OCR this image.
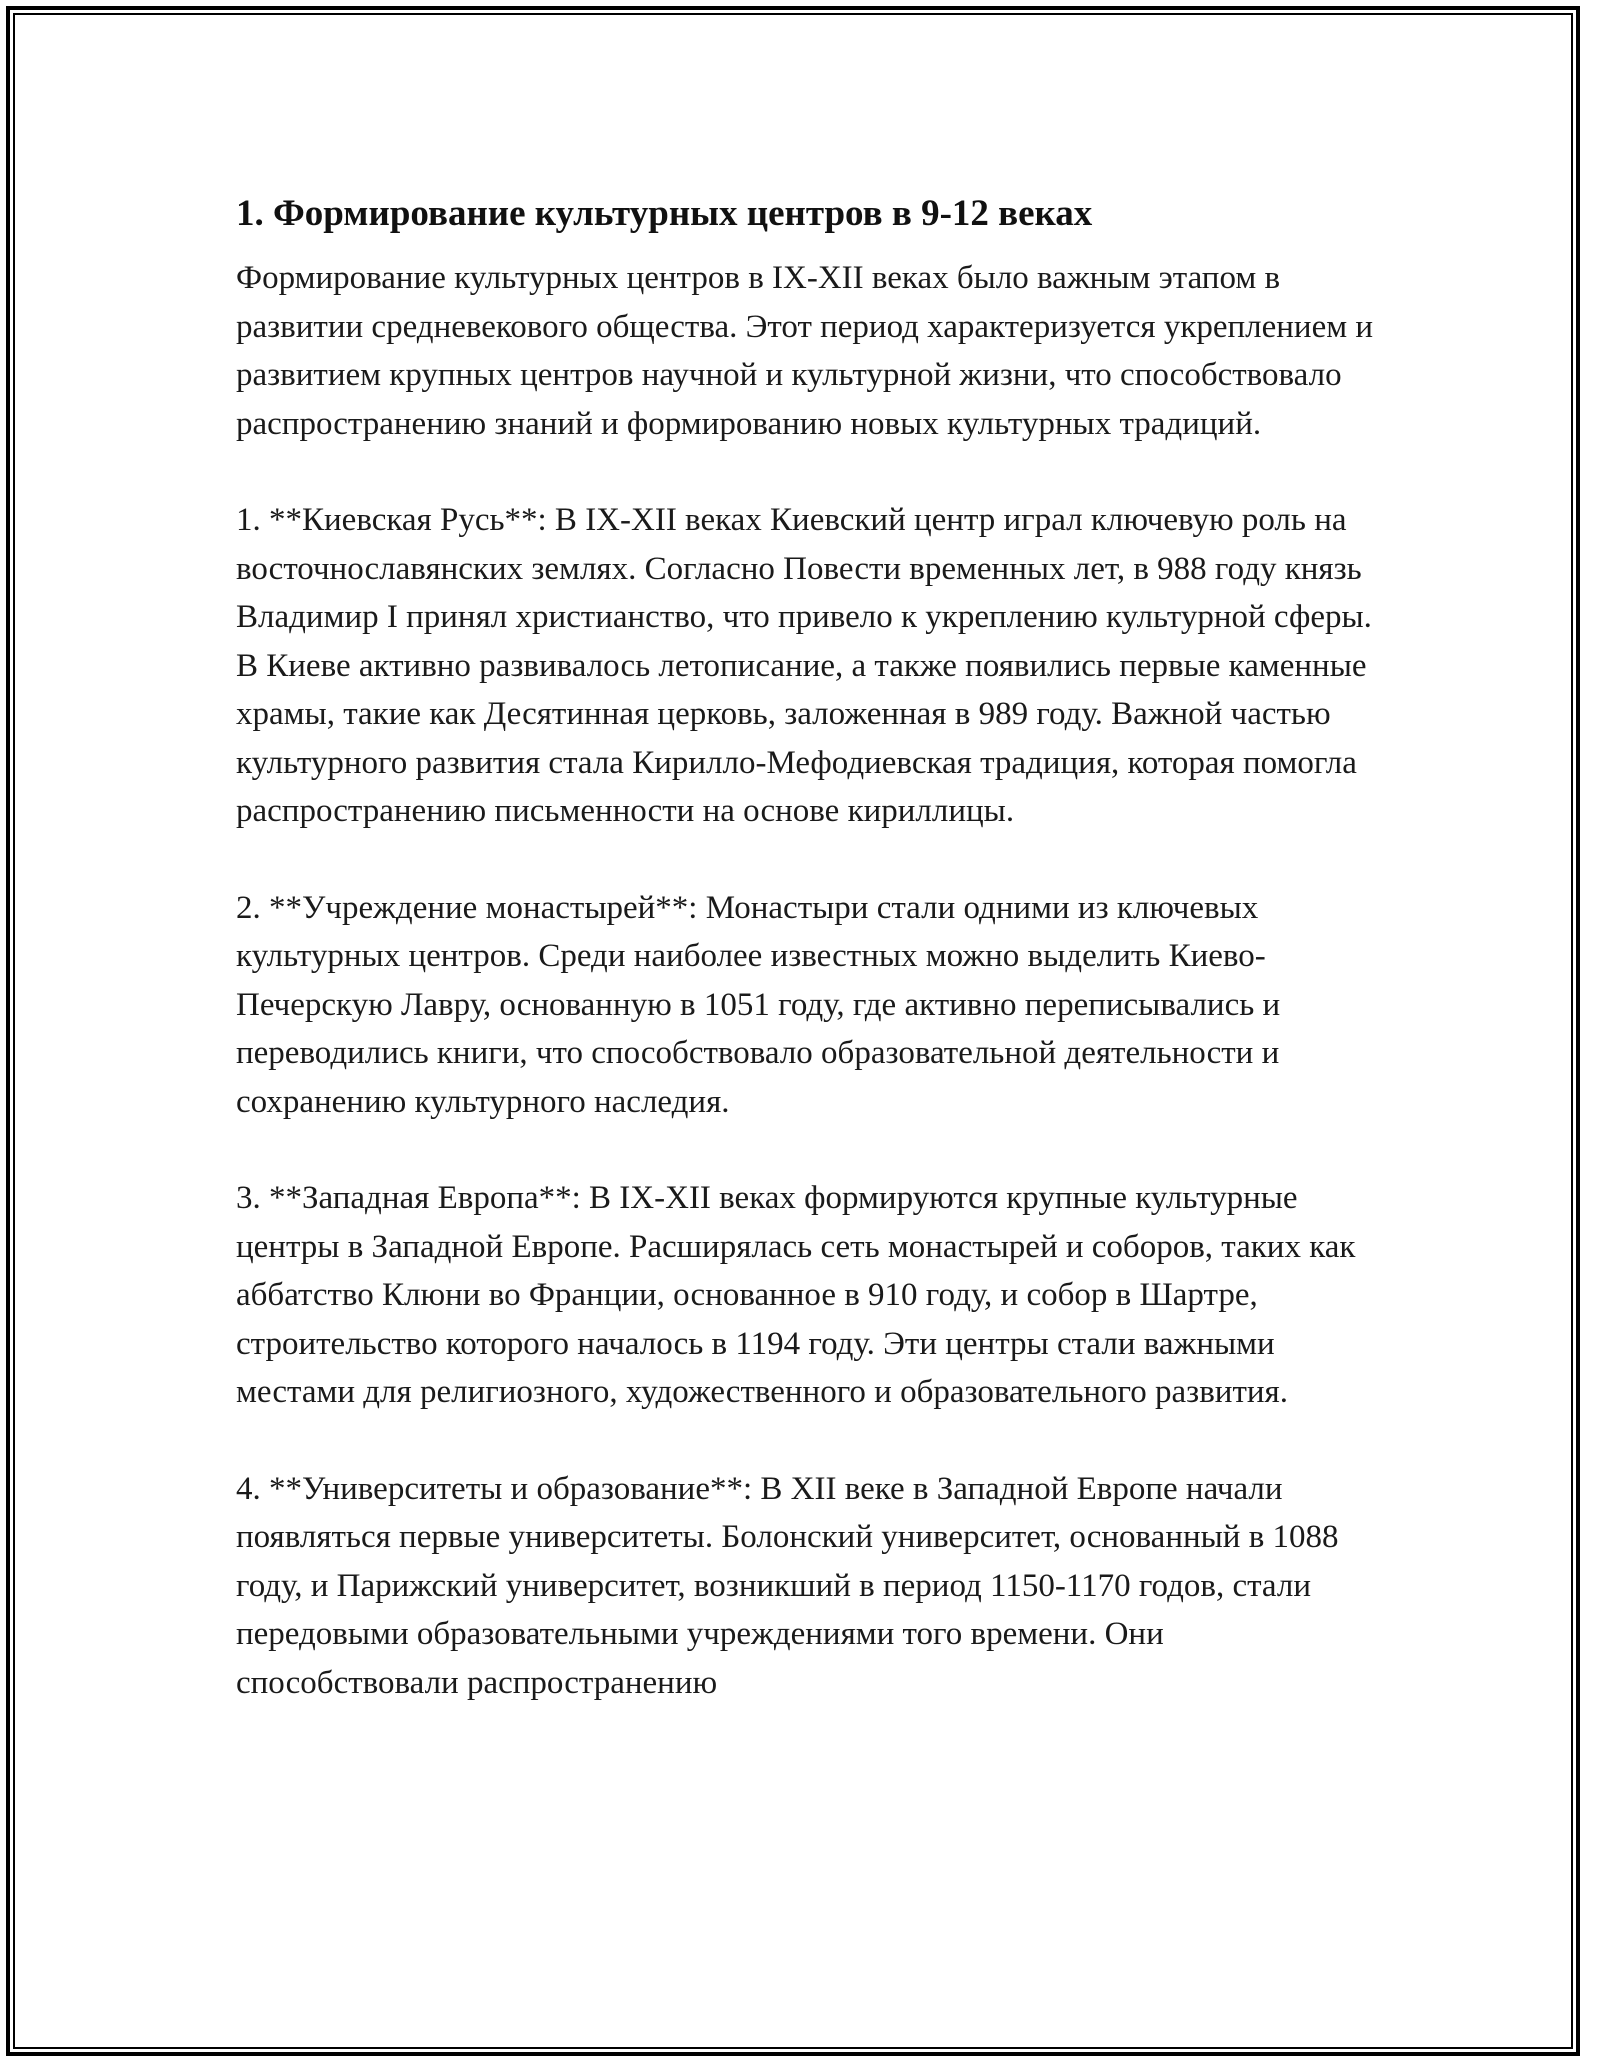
1. Формирование культурных центров в 9-12 веках

Формирование культурных центров в IX-XII веках было важным этапом в развитии средневекового общества. Этот период характеризуется укреплением и развитием крупных центров научной и культурной жизни, что способствовало распространению знаний и формированию новых культурных традиций.

1. **Киевская Русь**: В IX-XII веках Киевский центр играл ключевую роль на восточнославянских землях. Согласно Повести временных лет, в 988 году князь Владимир I принял христианство, что привело к укреплению культурной сферы. В Киеве активно развивалось летописание, а также появились первые каменные храмы, такие как Десятинная церковь, заложенная в 989 году. Важной частью культурного развития стала Кирилло-Мефодиевская традиция, которая помогла распространению письменности на основе кириллицы.

2. **Учреждение монастырей**: Монастыри стали одними из ключевых культурных центров. Среди наиболее известных можно выделить Киево-Печерскую Лавру, основанную в 1051 году, где активно переписывались и переводились книги, что способствовало образовательной деятельности и сохранению культурного наследия.

3. **Западная Европа**: В IX-XII веках формируются крупные культурные центры в Западной Европе. Расширялась сеть монастырей и соборов, таких как аббатство Клюни во Франции, основанное в 910 году, и собор в Шартре, строительство которого началось в 1194 году. Эти центры стали важными местами для религиозного, художественного и образовательного развития.

4. **Университеты и образование**: В XII веке в Западной Европе начали появляться первые университеты. Болонский университет, основанный в 1088 году, и Парижский университет, возникший в период 1150-1170 годов, стали передовыми образовательными учреждениями того времени. Они способствовали распространению
